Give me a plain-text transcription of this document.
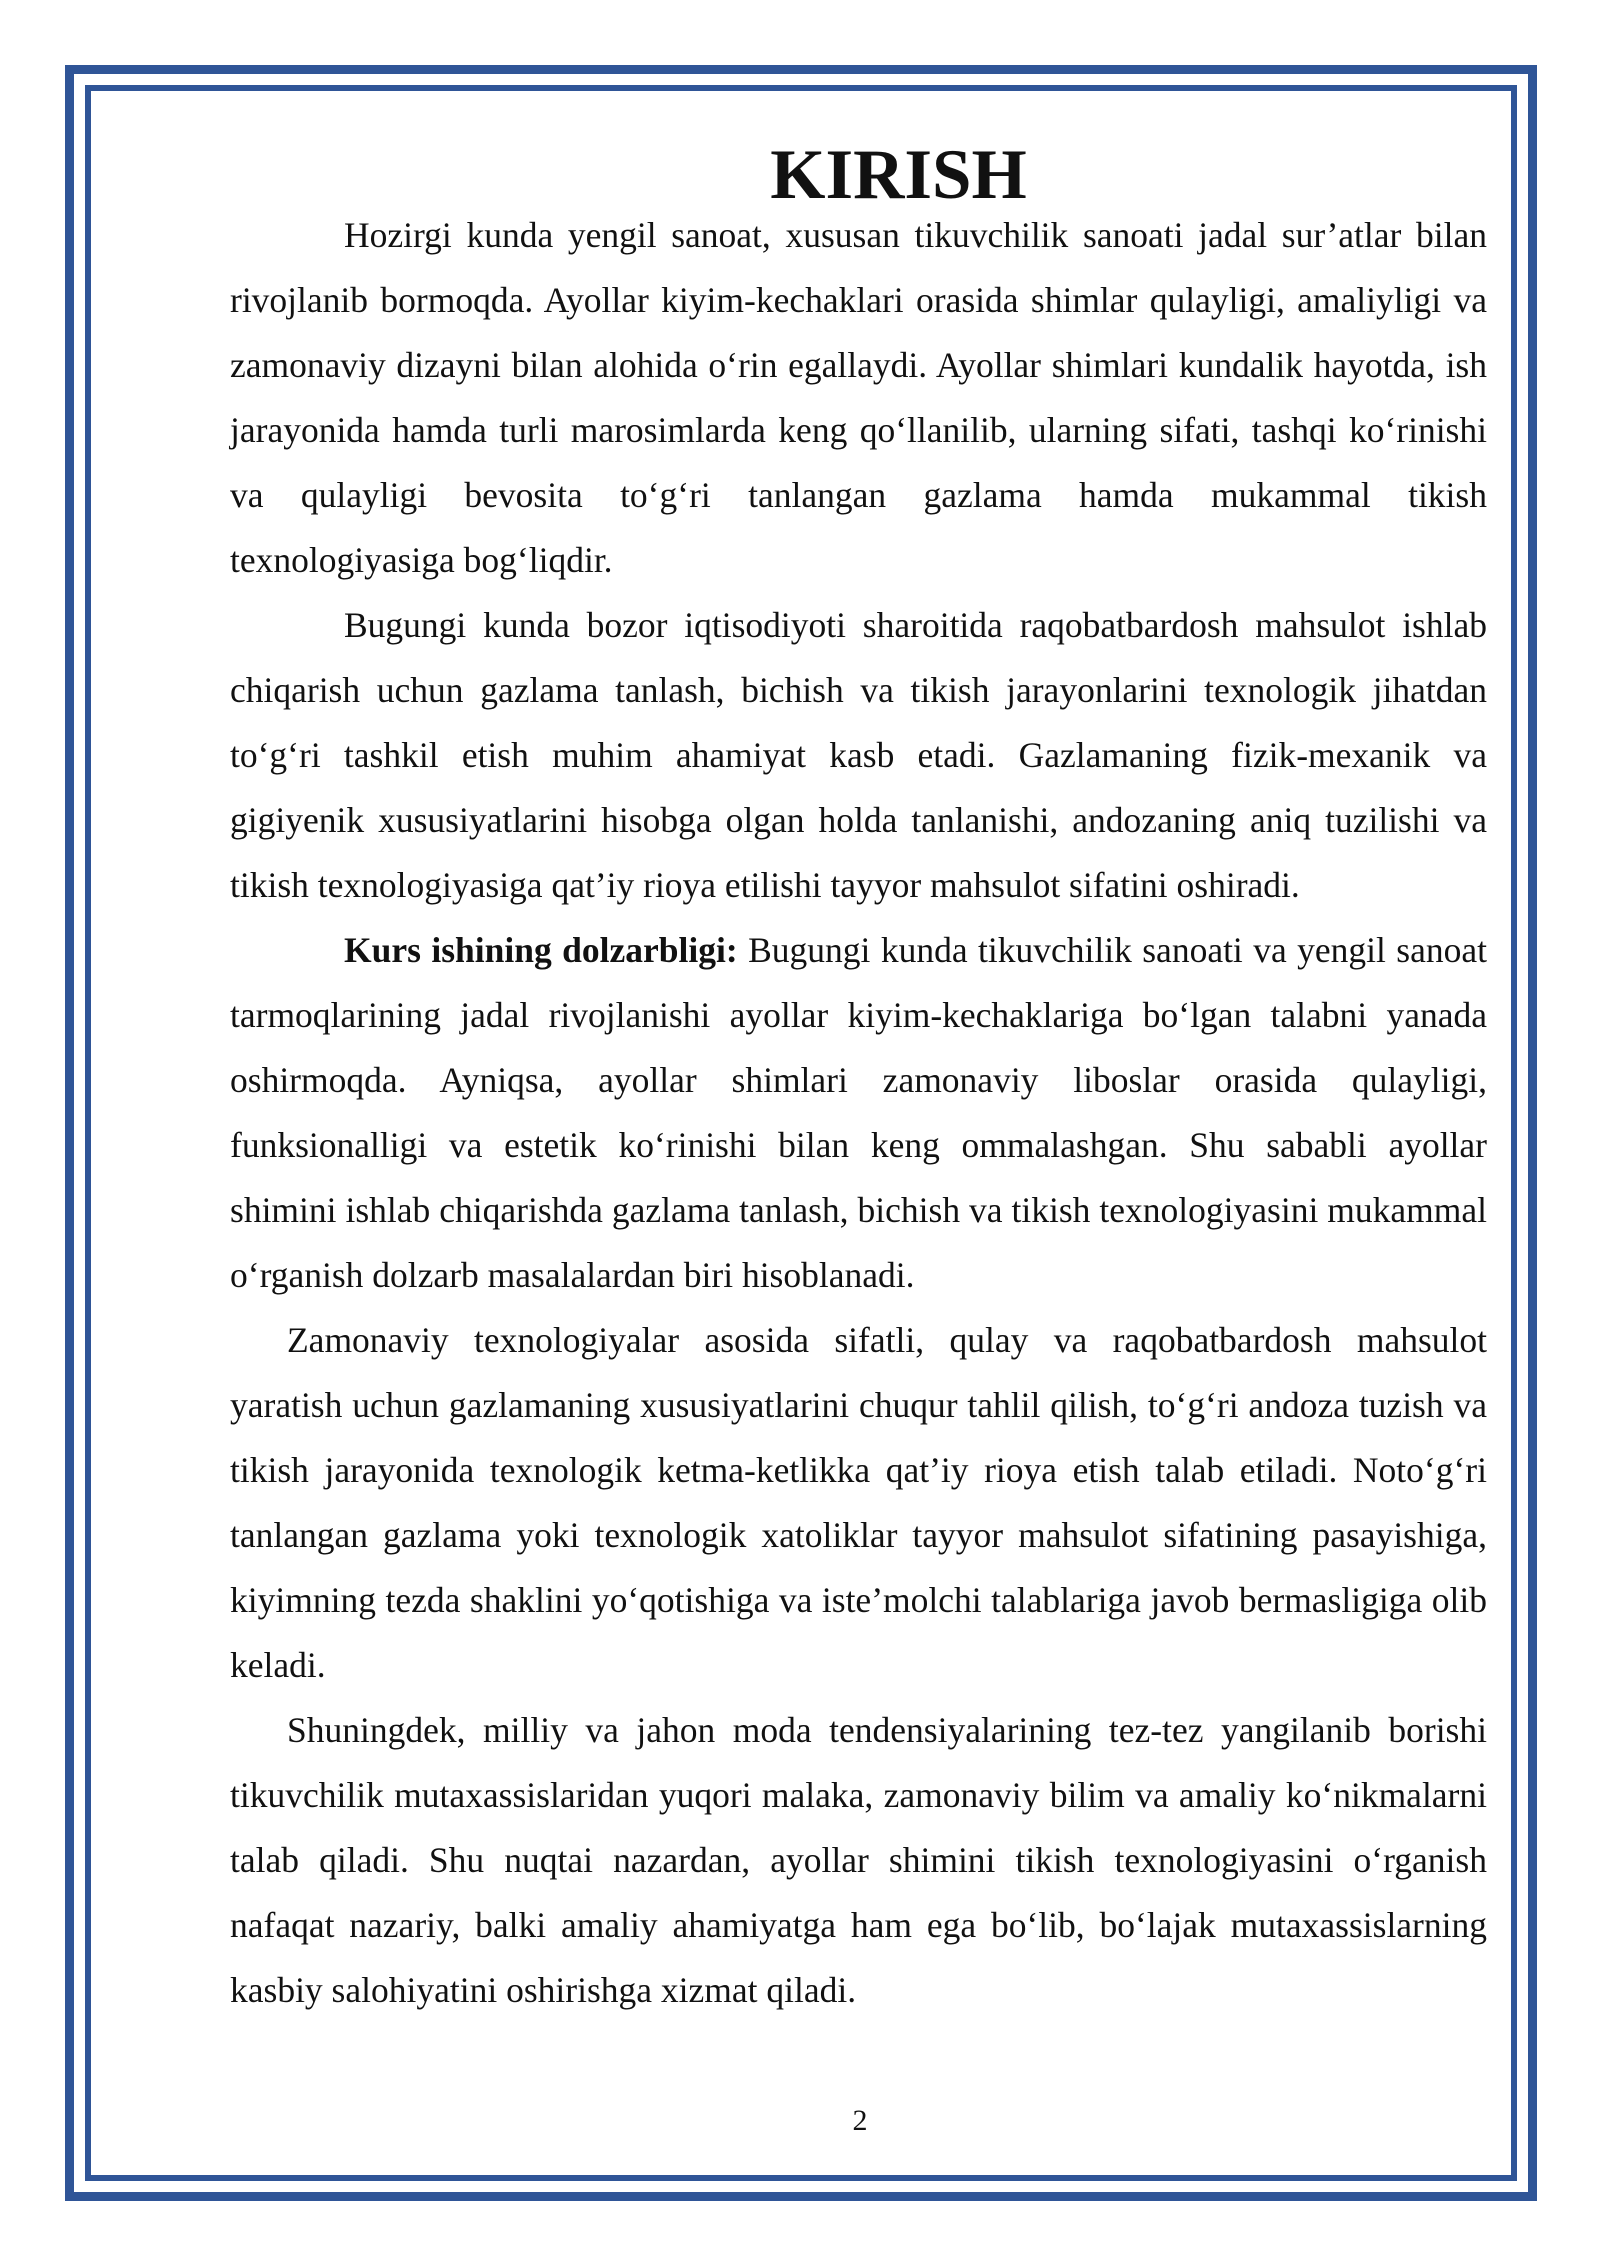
KIRISH

Hozirgi kunda yengil sanoat, xususan tikuvchilik sanoati jadal sur’atlar bilan rivojlanib bormoqda. Ayollar kiyim-kechaklari orasida shimlar qulayligi, amaliyligi va zamonaviy dizayni bilan alohida o‘rin egallaydi. Ayollar shimlari kundalik hayotda, ish jarayonida hamda turli marosimlarda keng qo‘llanilib, ularning sifati, tashqi ko‘rinishi va qulayligi bevosita to‘g‘ri tanlangan gazlama hamda mukammal tikish texnologiyasiga bog‘liqdir.

Bugungi kunda bozor iqtisodiyoti sharoitida raqobatbardosh mahsulot ishlab chiqarish uchun gazlama tanlash, bichish va tikish jarayonlarini texnologik jihatdan to‘g‘ri tashkil etish muhim ahamiyat kasb etadi. Gazlamaning fizik-mexanik va gigiyenik xususiyatlarini hisobga olgan holda tanlanishi, andozaning aniq tuzilishi va tikish texnologiyasiga qat’iy rioya etilishi tayyor mahsulot sifatini oshiradi.

Kurs ishining dolzarbligi: Bugungi kunda tikuvchilik sanoati va yengil sanoat tarmoqlarining jadal rivojlanishi ayollar kiyim-kechaklariga bo‘lgan talabni yanada oshirmoqda. Ayniqsa, ayollar shimlari zamonaviy liboslar orasida qulayligi, funksionalligi va estetik ko‘rinishi bilan keng ommalashgan. Shu sababli ayollar shimini ishlab chiqarishda gazlama tanlash, bichish va tikish texnologiyasini mukammal o‘rganish dolzarb masalalardan biri hisoblanadi.

Zamonaviy texnologiyalar asosida sifatli, qulay va raqobatbardosh mahsulot yaratish uchun gazlamaning xususiyatlarini chuqur tahlil qilish, to‘g‘ri andoza tuzish va tikish jarayonida texnologik ketma-ketlikka qat’iy rioya etish talab etiladi. Noto‘g‘ri tanlangan gazlama yoki texnologik xatoliklar tayyor mahsulot sifatining pasayishiga, kiyimning tezda shaklini yo‘qotishiga va iste’molchi talablariga javob bermasligiga olib keladi.

Shuningdek, milliy va jahon moda tendensiyalarining tez-tez yangilanib borishi tikuvchilik mutaxassislaridan yuqori malaka, zamonaviy bilim va amaliy ko‘nikmalarni talab qiladi. Shu nuqtai nazardan, ayollar shimini tikish texnologiyasini o‘rganish nafaqat nazariy, balki amaliy ahamiyatga ham ega bo‘lib, bo‘lajak mutaxassislarning kasbiy salohiyatini oshirishga xizmat qiladi.

2
